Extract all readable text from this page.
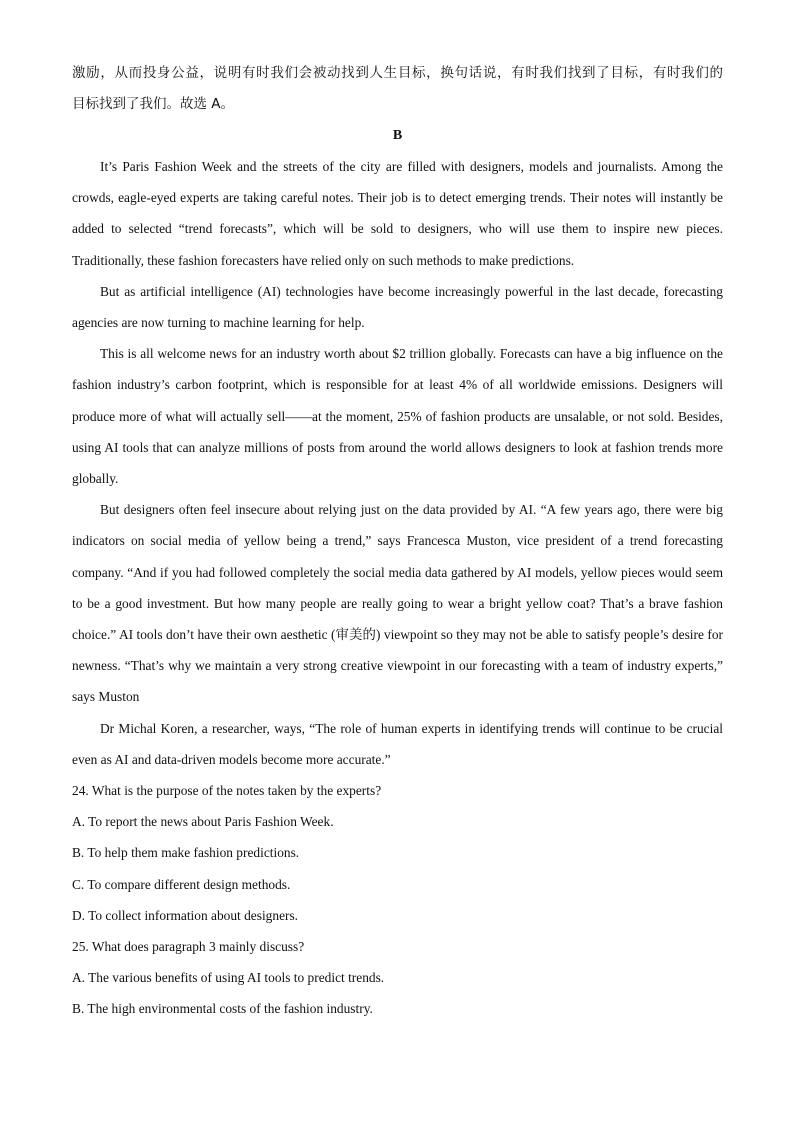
激励，从而投身公益，说明有时我们会被动找到人生目标，换句话说，有时我们找到了目标，有时我们的

目标找到了我们。故选 A。

B

It’s Paris Fashion Week and the streets of the city are filled with designers, models and journalists. Among the crowds, eagle-eyed experts are taking careful notes. Their job is to detect emerging trends. Their notes will instantly be added to selected “trend forecasts”, which will be sold to designers, who will use them to inspire new pieces. Traditionally, these fashion forecasters have relied only on such methods to make predictions.

But as artificial intelligence (AI) technologies have become increasingly powerful in the last decade, forecasting agencies are now turning to machine learning for help.

This is all welcome news for an industry worth about $2 trillion globally. Forecasts can have a big influence on the fashion industry’s carbon footprint, which is responsible for at least 4% of all worldwide emissions. Designers will produce more of what will actually sell——at the moment, 25% of fashion products are unsalable, or not sold. Besides, using AI tools that can analyze millions of posts from around the world allows designers to look at fashion trends more globally.

But designers often feel insecure about relying just on the data provided by AI. “A few years ago, there were big indicators on social media of yellow being a trend,” says Francesca Muston, vice president of a trend forecasting company. “And if you had followed completely the social media data gathered by AI models, yellow pieces would seem to be a good investment. But how many people are really going to wear a bright yellow coat? That’s a brave fashion choice.” AI tools don’t have their own aesthetic (审美的) viewpoint so they may not be able to satisfy people’s desire for newness. “That’s why we maintain a very strong creative viewpoint in our forecasting with a team of industry experts,” says Muston

Dr Michal Koren, a researcher, ways, “The role of human experts in identifying trends will continue to be crucial even as AI and data-driven models become more accurate.”

24. What is the purpose of the notes taken by the experts?

A. To report the news about Paris Fashion Week.

B. To help them make fashion predictions.

C. To compare different design methods.

D. To collect information about designers.

25. What does paragraph 3 mainly discuss?

A. The various benefits of using AI tools to predict trends.

B. The high environmental costs of the fashion industry.
